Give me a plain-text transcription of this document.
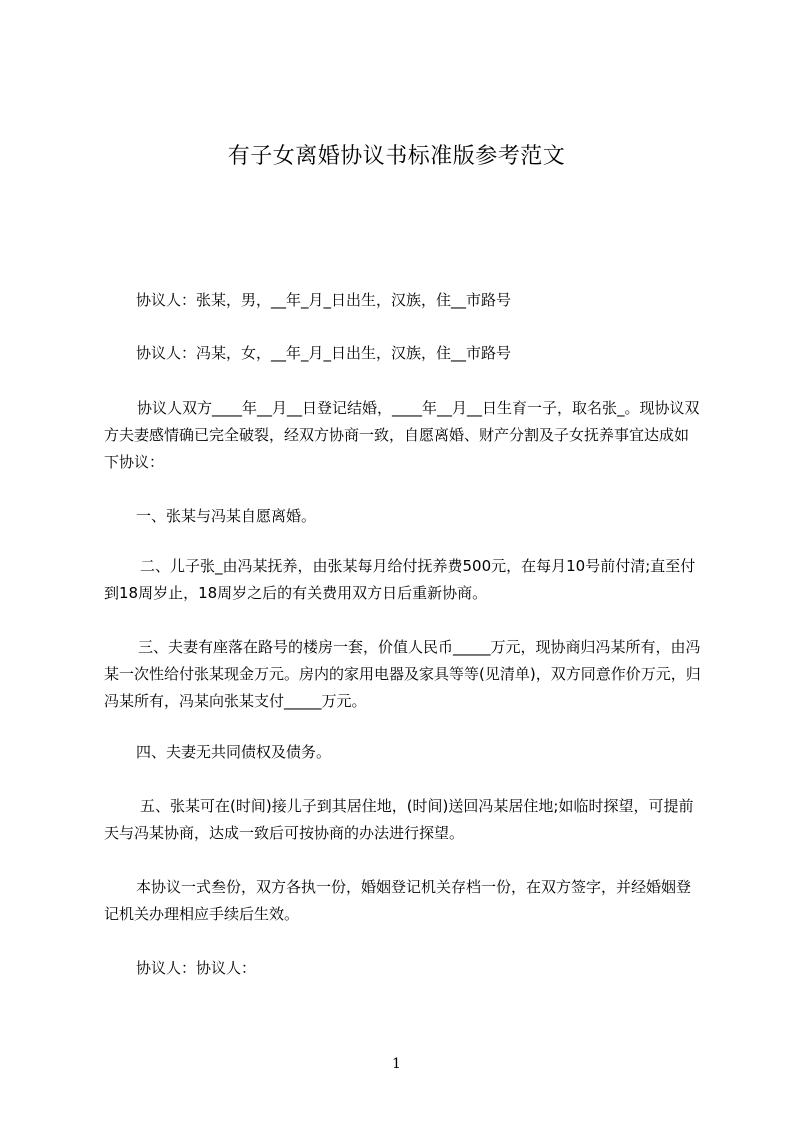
有子女离婚协议书标准版参考范文

协议人：张某，男，__年_月_日出生，汉族，住__市路号

协议人：冯某，女，__年_月_日出生，汉族，住__市路号

协议人双方____年__月__日登记结婚，____年__月__日生育一子，取名张_。现协议双方夫妻感情确已完全破裂，经双方协商一致，自愿离婚、财产分割及子女抚养事宜达成如下协议：

一、张某与冯某自愿离婚。

二、儿子张_由冯某抚养，由张某每月给付抚养费500元，在每月10号前付清;直至付到18周岁止，18周岁之后的有关费用双方日后重新协商。

三、夫妻有座落在路号的楼房一套，价值人民币_____万元，现协商归冯某所有，由冯某一次性给付张某现金万元。房内的家用电器及家具等等(见清单)，双方同意作价万元，归冯某所有，冯某向张某支付_____万元。

四、夫妻无共同债权及债务。

五、张某可在(时间)接儿子到其居住地，(时间)送回冯某居住地;如临时探望，可提前天与冯某协商，达成一致后可按协商的办法进行探望。

本协议一式叁份，双方各执一份，婚姻登记机关存档一份，在双方签字，并经婚姻登记机关办理相应手续后生效。

协议人：协议人：

1
